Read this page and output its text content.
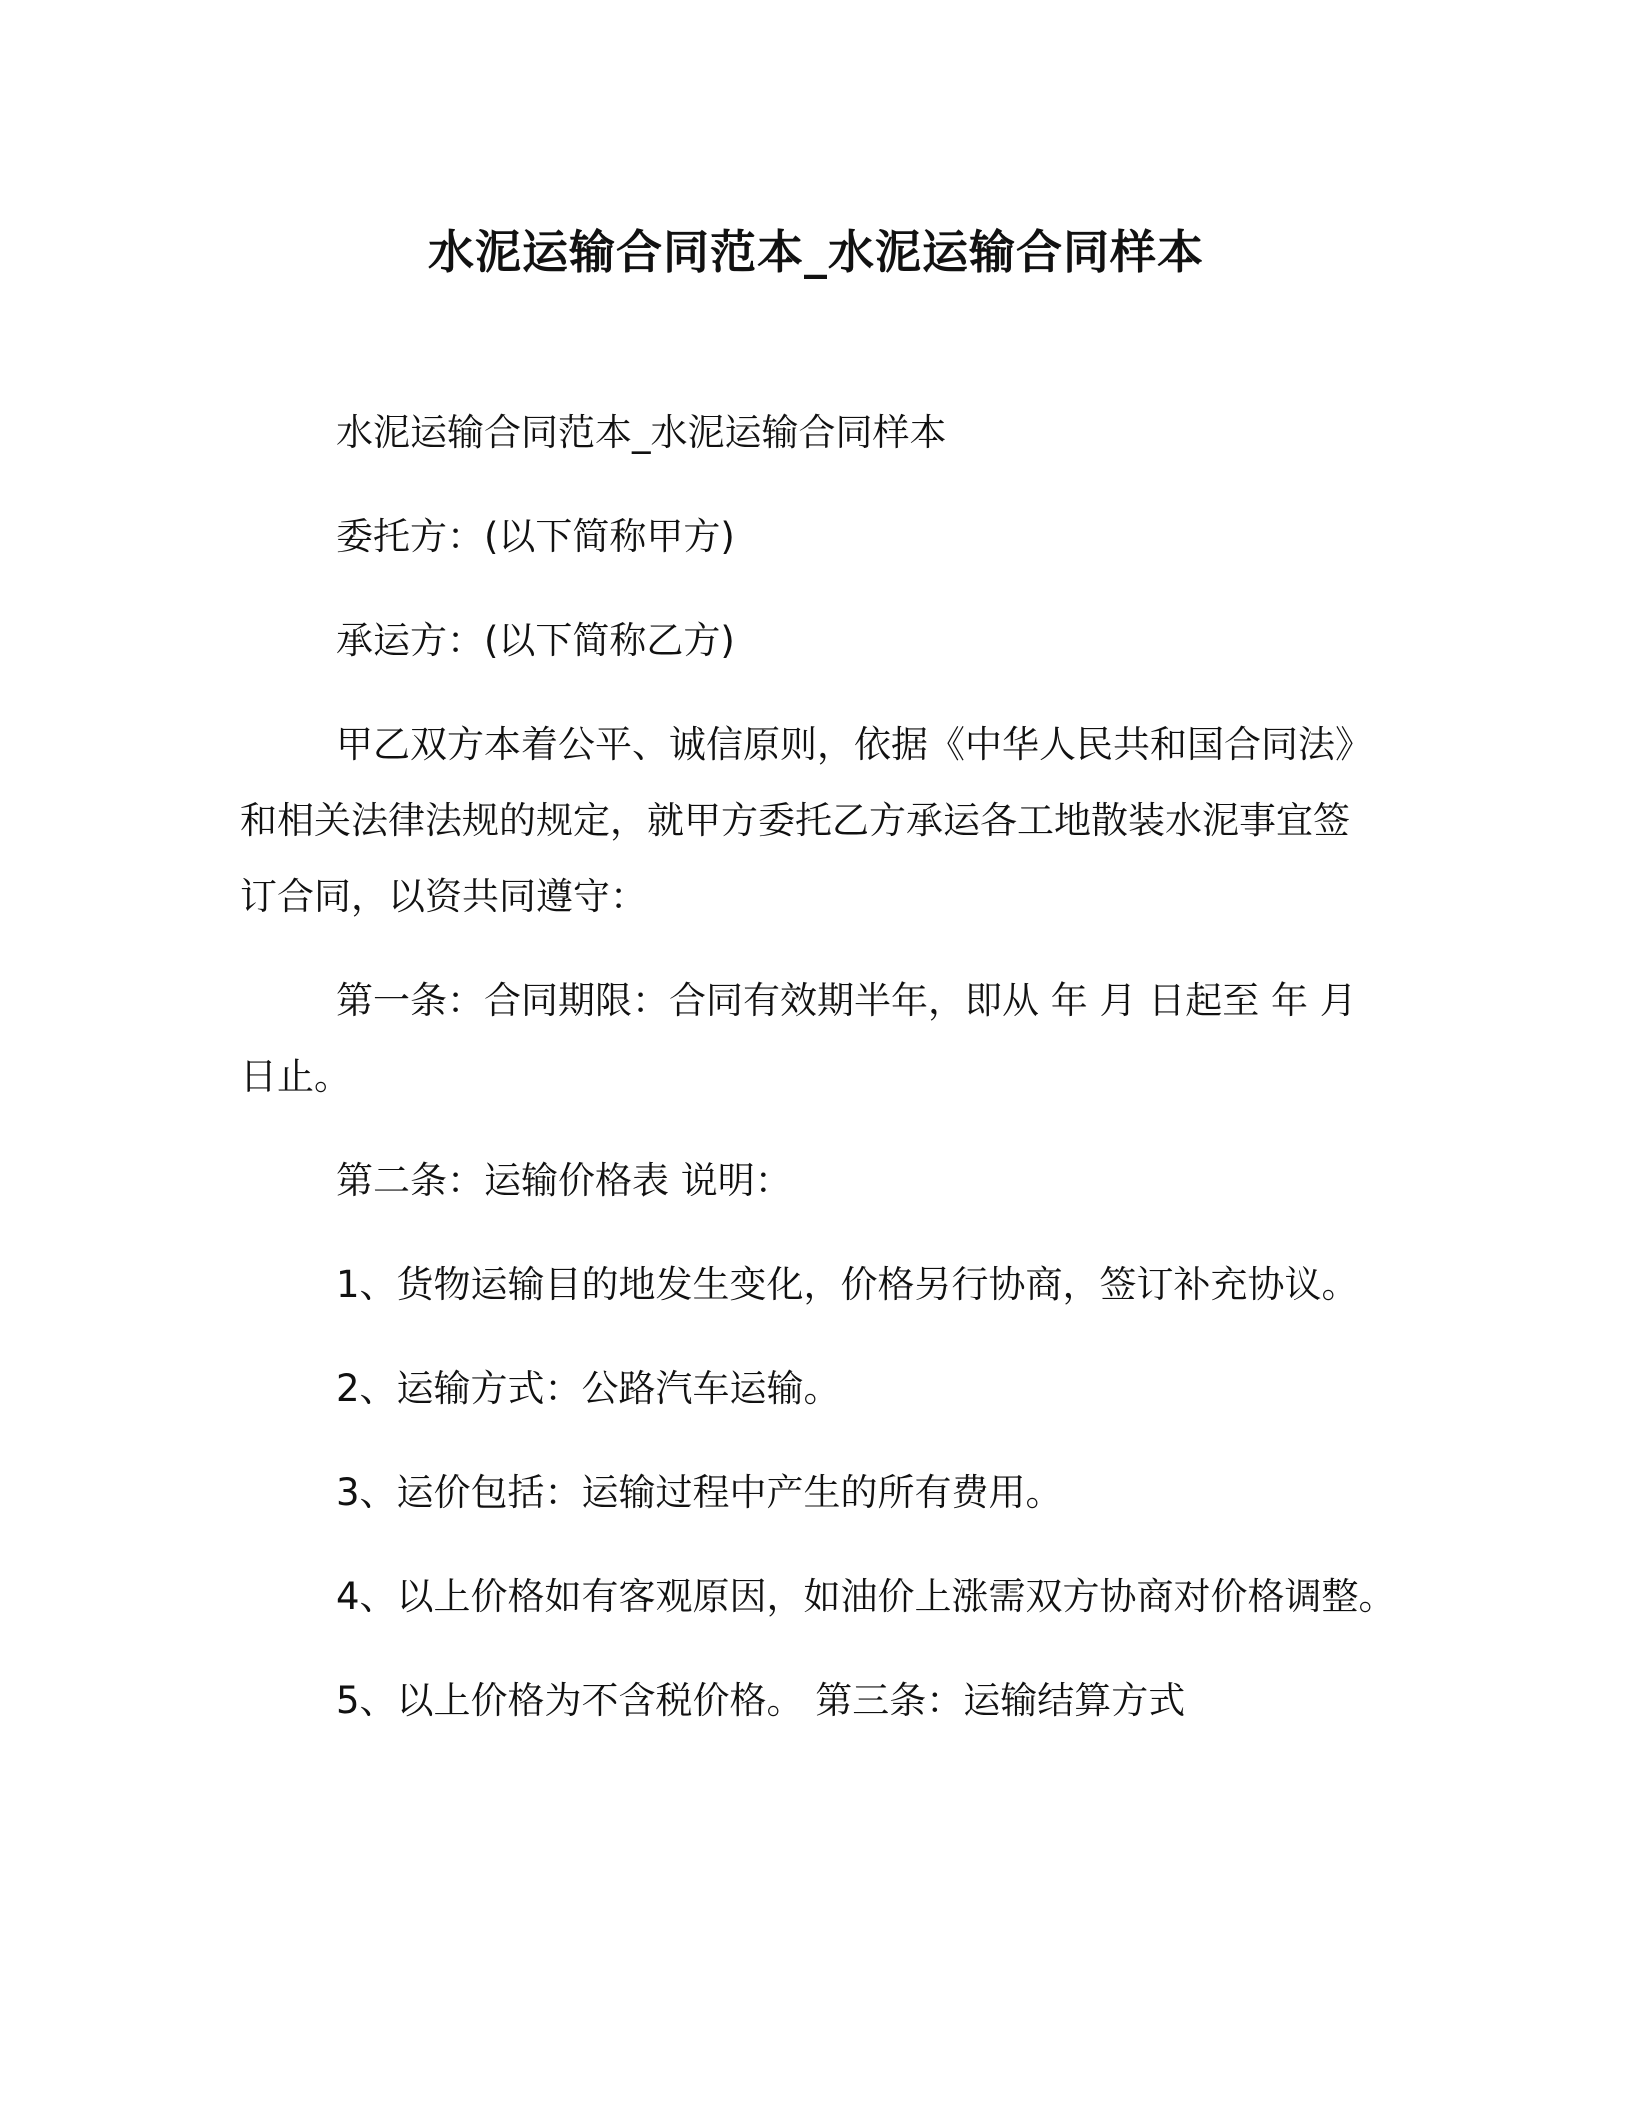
水泥运输合同范本_水泥运输合同样本

水泥运输合同范本_水泥运输合同样本

委托方：(以下简称甲方)

承运方：(以下简称乙方)

甲乙双方本着公平、诚信原则，依据《中华人民共和国合同法》和相关法律法规的规定，就甲方委托乙方承运各工地散装水泥事宜签订合同，以资共同遵守：

第一条：合同期限：合同有效期半年，即从 年 月 日起至 年 月 日止。

第二条：运输价格表 说明：

1、货物运输目的地发生变化，价格另行协商，签订补充协议。

2、运输方式：公路汽车运输。

3、运价包括：运输过程中产生的所有费用。

4、以上价格如有客观原因，如油价上涨需双方协商对价格调整。

5、以上价格为不含税价格。 第三条：运输结算方式
